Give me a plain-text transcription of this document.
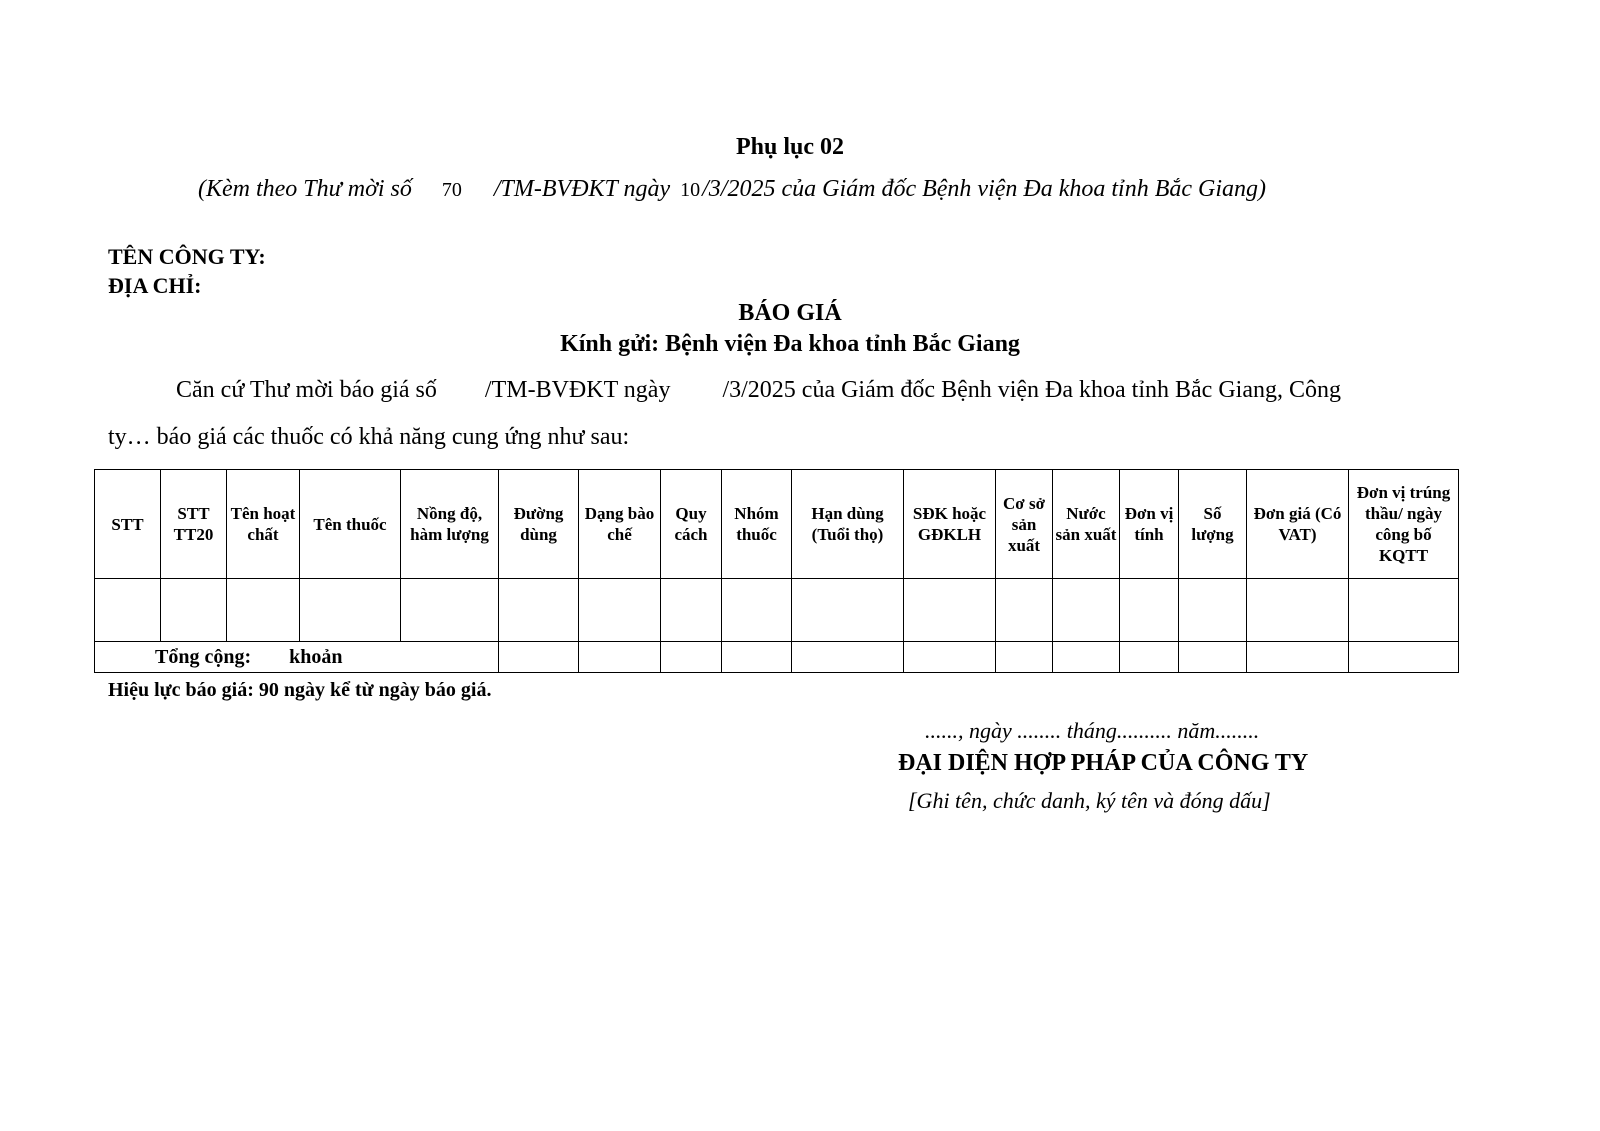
Phụ lục 02
(Kèm theo Thư mời số 70 /TM-BVĐKT ngày 10/3/2025 của Giám đốc Bệnh viện Đa khoa tỉnh Bắc Giang)
TÊN CÔNG TY:
ĐỊA CHỈ:
BÁO GIÁ
Kính gửi: Bệnh viện Đa khoa tỉnh Bắc Giang
Căn cứ Thư mời báo giá số /TM-BVĐKT ngày /3/2025 của Giám đốc Bệnh viện Đa khoa tỉnh Bắc Giang, Công
ty… báo giá các thuốc có khả năng cung ứng như sau:
STT	STT TT20	Tên hoạt chất	Tên thuốc	Nồng độ, hàm lượng	Đường dùng	Dạng bào chế	Quy cách	Nhóm thuốc	Hạn dùng (Tuổi thọ)	SĐK hoặc GĐKLH	Cơ sở sản xuất	Nước sản xuất	Đơn vị tính	Số lượng	Đơn giá (Có VAT)	Đơn vị trúng thầu/ ngày công bố KQTT

Tổng cộng: khoản																
Hiệu lực báo giá: 90 ngày kể từ ngày báo giá.
......, ngày ........ tháng.......... năm........
ĐẠI DIỆN HỢP PHÁP CỦA CÔNG TY
[Ghi tên, chức danh, ký tên và đóng dấu]
